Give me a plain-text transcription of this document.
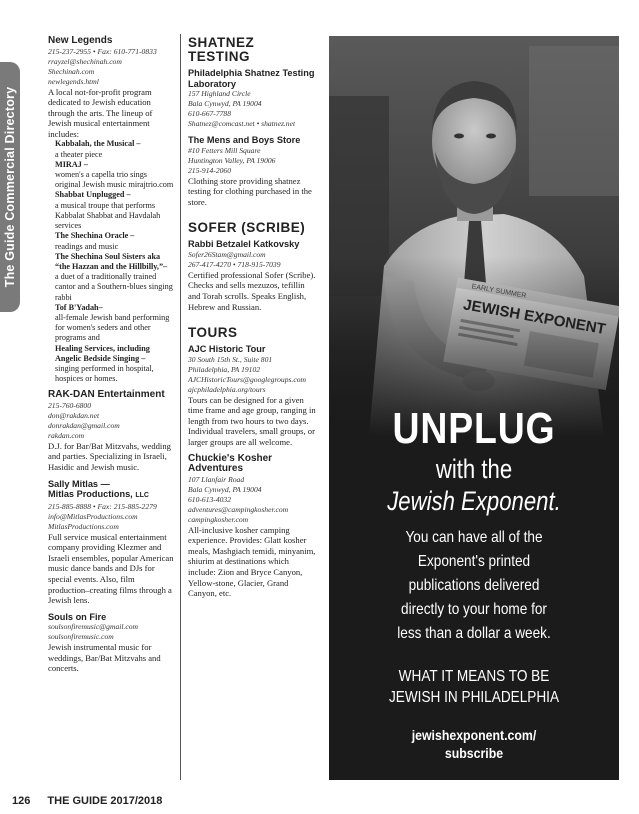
The Guide Commercial Directory
New Legends
215-237-2955 • Fax: 610-771-0833
rrayzel@shechinah.com
Shechinah.com
newlegends.html
A local not-for-profit program dedicated to Jewish education through the arts. The lineup of Jewish musical entertainment includes:
Kabbalah, the Musical –
a theater piece
MIRAJ –
women's a capella trio sings original Jewish music mirajtrio.com
Shabbat Unplugged –
a musical troupe that performs Kabbalat Shabbat and Havdalah services
The Shechina Oracle –
readings and music
The Shechina Soul Sisters aka “the Hazzan and the Hillbilly,”–
a duet of a traditionally trained cantor and a Southern-blues singing rabbi
Tof B'Yadah–
all-female Jewish band performing for women's seders and other programs and
Healing Services, including Angelic Bedside Singing –
singing performed in hospital, hospices or homes.
RAK-DAN Entertainment
215-760-6800
don@rakdan.net
donrakdan@gmail.com
rakdan.com
D.J. for Bar/Bat Mitzvahs, wedding and parties. Specializing in Israeli, Hasidic and Jewish music.
Sally Mitlas —
Mitlas Productions, LLC
215-885-8888 • Fax: 215-885-2279
info@MitlasProductions.com
MitlasProductions.com
Full service musical entertainment company providing Klezmer and Israeli ensembles, popular American music dance bands and DJs for special events. Also, film production–creating films through a Jewish lens.
Souls on Fire
soulsonfiremusic@gmail.com
soulsonfiremusic.com
Jewish instrumental music for weddings, Bar/Bat Mitzvahs and concerts.
SHATNEZ TESTING
Philadelphia Shatnez Testing Laboratory
157 Highland Circle
Bala Cynwyd, PA 19004
610-667-7788
Shatnez@comcast.net • shatnez.net
The Mens and Boys Store
#10 Fetters Mill Square
Huntington Valley, PA 19006
215-914-2060
Clothing store providing shatnez testing for clothing purchased in the store.
SOFER (SCRIBE)
Rabbi Betzalel Katkovsky
Sofer26Stam@gmail.com
267-417-4270 • 718-915-7039
Certified professional Sofer (Scribe). Checks and sells mezuzos, tefillin and Torah scrolls. Speaks English, Hebrew and Russian.
TOURS
AJC Historic Tour
30 South 15th St., Suite 801
Philadelphia, PA 19102
AJCHistoricTours@googlegroups.com
ajcphiladelphia.org/tours
Tours can be designed for a given time frame and age group, ranging in length from two hours to two days. Individual travelers, small groups, or larger groups are all welcome.
Chuckie's Kosher Adventures
107 Llanfair Road
Bala Cynwyd, PA 19004
610-613-4032
adventures@campingkosher.com
campingkosher.com
All-inclusive kosher camping experience. Provides: Glatt kosher meals, Mashgiach temidi, minyanim, shiurim at destinations which include: Zion and Bryce Canyon, Yellow-stone, Glacier, Grand Canyon, etc.
UNPLUG
with the
Jewish Exponent.
You can have all of the
Exponent's printed
publications delivered
directly to your home for
less than a dollar a week.
WHAT IT MEANS TO BE
JEWISH IN PHILADELPHIA
jewishexponent.com/
subscribe
126 THE GUIDE 2017/2018
